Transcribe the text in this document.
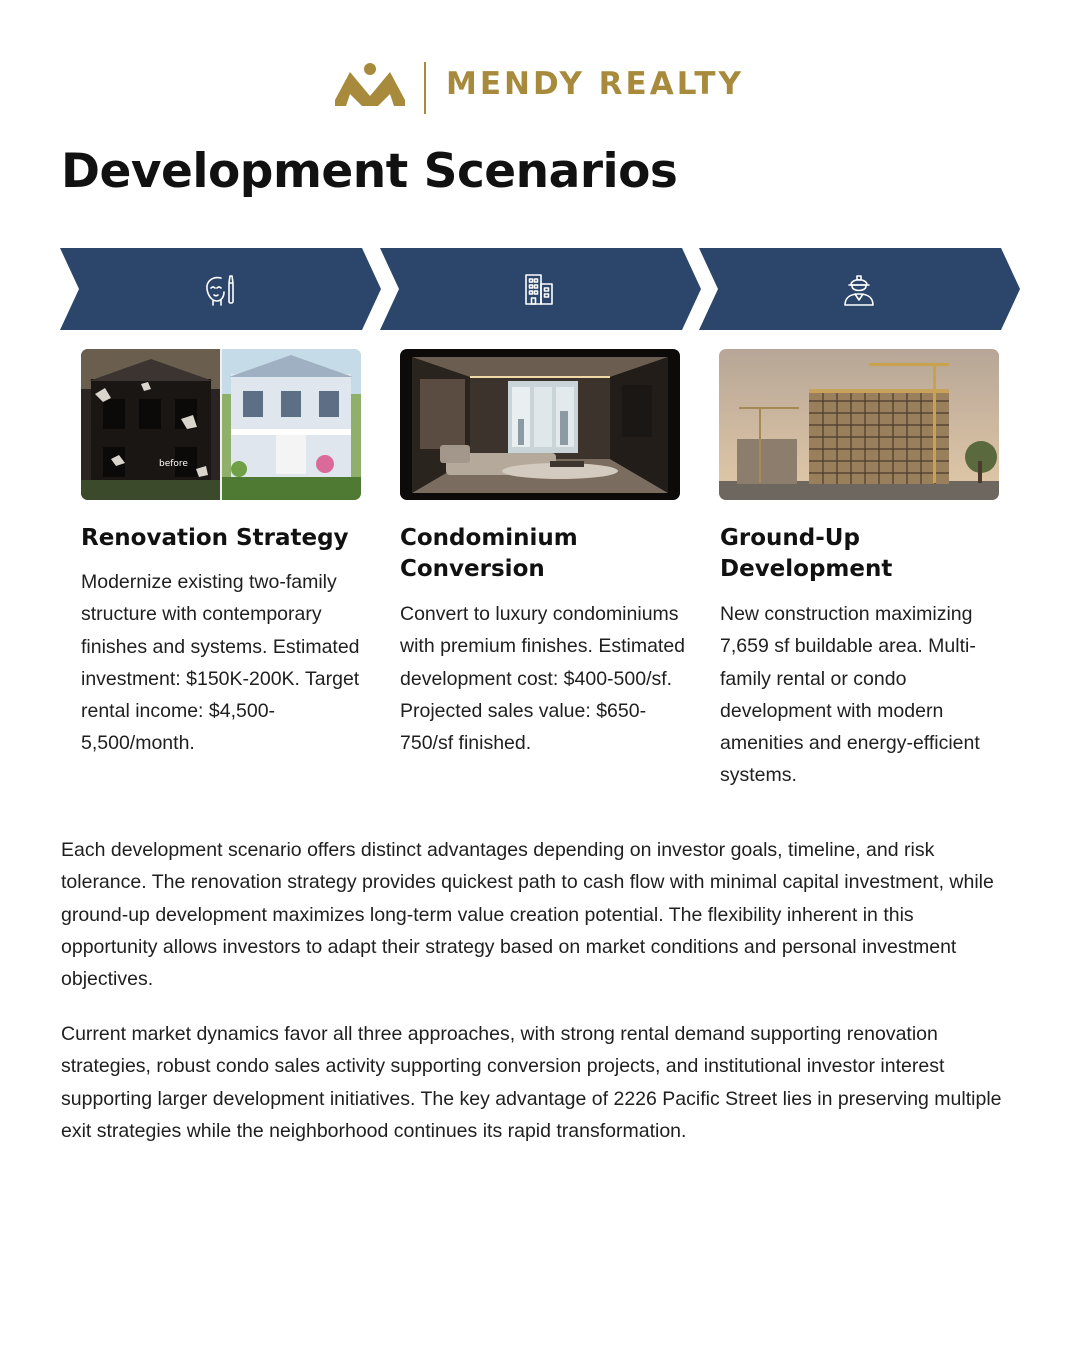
MENDY REALTY
Development Scenarios
before
Renovation Strategy

Modernize existing two-family structure with contemporary finishes and systems. Estimated investment: $150K-200K. Target rental income: $4,500-5,500/month.

Condominium Conversion

Convert to luxury condominiums with premium finishes. Estimated development cost: $400-500/sf. Projected sales value: $650-750/sf finished.

Ground-Up Development

New construction maximizing 7,659 sf buildable area. Multi-family rental or condo development with modern amenities and energy-efficient systems.

Each development scenario offers distinct advantages depending on investor goals, timeline, and risk tolerance. The renovation strategy provides quickest path to cash flow with minimal capital investment, while ground-up development maximizes long-term value creation potential. The flexibility inherent in this opportunity allows investors to adapt their strategy based on market conditions and personal investment objectives.

Current market dynamics favor all three approaches, with strong rental demand supporting renovation strategies, robust condo sales activity supporting conversion projects, and institutional investor interest supporting larger development initiatives. The key advantage of 2226 Pacific Street lies in preserving multiple exit strategies while the neighborhood continues its rapid transformation.
